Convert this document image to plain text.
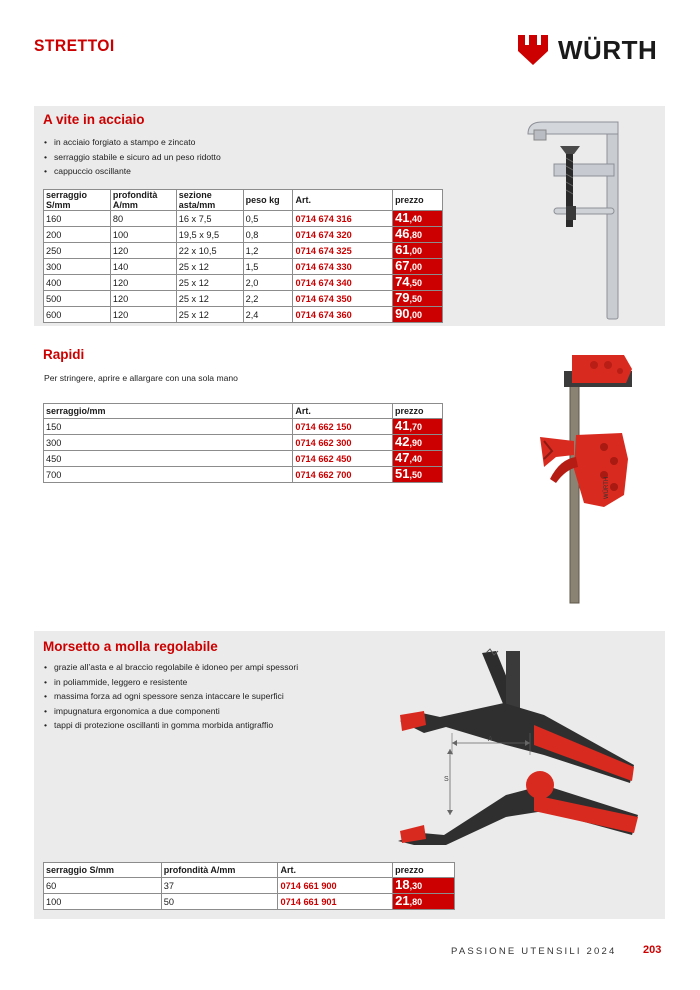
STRETTOI	WÜRTH
A vite in acciaio
• in acciaio forgiato a stampo e zincato
• serraggio stabile e sicuro ad un peso ridotto
• cappuccio oscillante
serraggio S/mm	profondità A/mm	sezione asta/mm	peso kg	Art.	prezzo
160	80	16 x 7,5	0,5	0714 674 316	41,40
200	100	19,5 x 9,5	0,8	0714 674 320	46,80
250	120	22 x 10,5	1,2	0714 674 325	61,00
300	140	25 x 12	1,5	0714 674 330	67,00
400	120	25 x 12	2,0	0714 674 340	74,50
500	120	25 x 12	2,2	0714 674 350	79,50
600	120	25 x 12	2,4	0714 674 360	90,00
Rapidi
Per stringere, aprire e allargare con una sola mano
serraggio/mm	Art.	prezzo
150	0714 662 150	41,70
300	0714 662 300	42,90
450	0714 662 450	47,40
700	0714 662 700	51,50
WÜRTH
Morsetto a molla regolabile
• grazie all’asta e al braccio regolabile è idoneo per ampi spessori
• in poliammide, leggero e resistente
• massima forza ad ogni spessore senza intaccare le superfici
• impugnatura ergonomica a due componenti
• tappi di protezione oscillanti in gomma morbida antigraffio
serraggio S/mm	profondità A/mm	Art.	prezzo
60	37	0714 661 900	18,30
100	50	0714 661 901	21,80
A
S
PASSIONE UTENSILI 2024 203
